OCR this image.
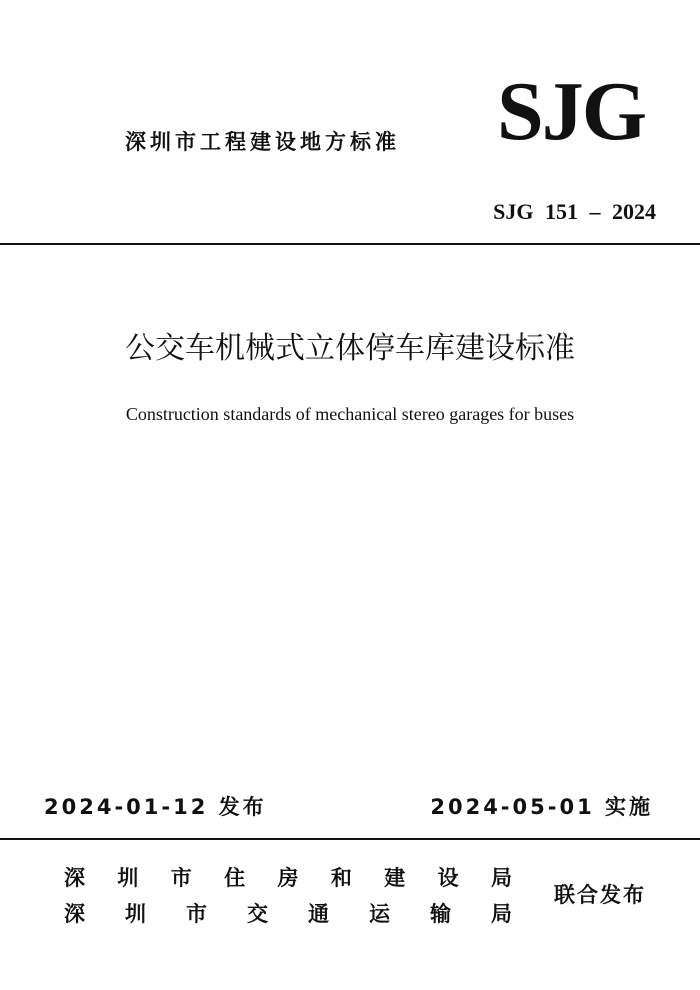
深圳市工程建设地方标准 SJG
SJG 151 – 2024
公交车机械式立体停车库建设标准
Construction standards of mechanical stereo garages for buses
2024-01-12 发布	2024-05-01 实施
深 圳 市 住 房 和 建 设 局
深 圳 市 交 通 运 输 局
联合发布
